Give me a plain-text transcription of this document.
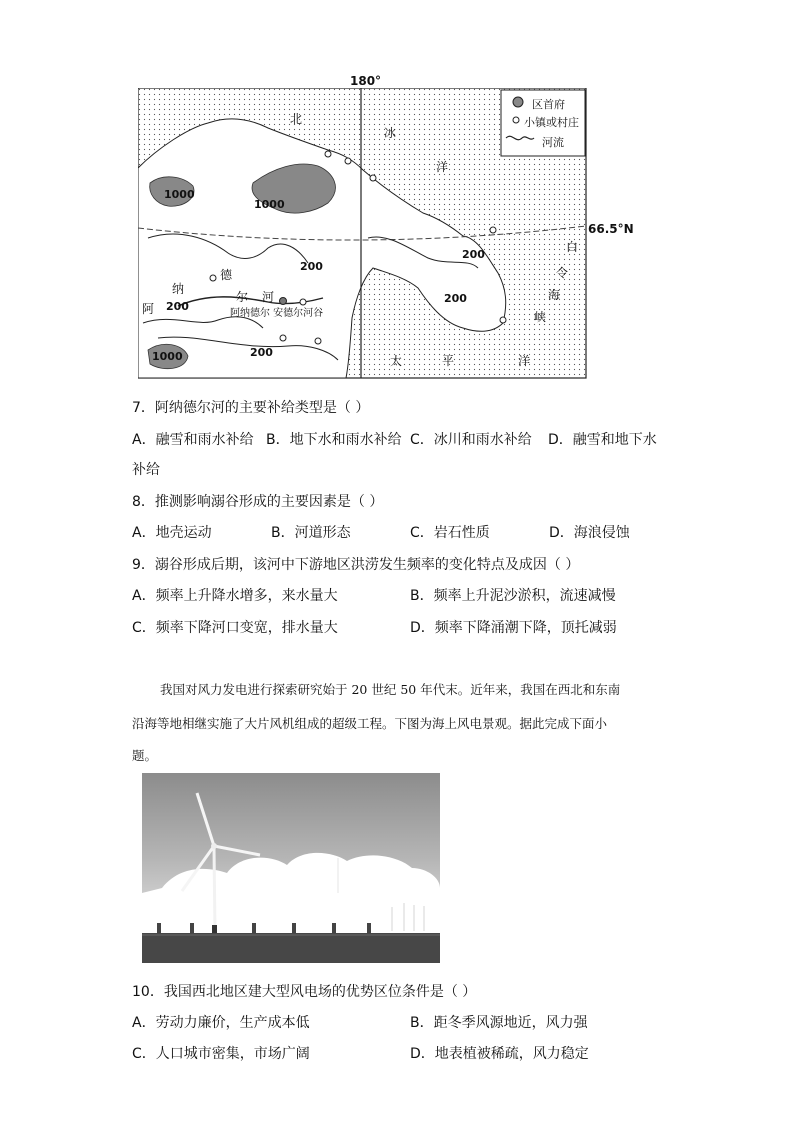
180°
区首府
小镇或村庄
河流
66.5°N
北
冰
洋
白
令
海
峡
太	平	洋
1000
1000
1000
200
200
200
200
200
阿
纳
德
尔 河
阿纳德尔 安德尔河谷
7．阿纳德尔河的主要补给类型是（ ）
A．融雪和雨水补给 B．地下水和雨水补给 C．冰川和雨水补给 D．融雪和地下水
补给
8．推测影响溺谷形成的主要因素是（ ）
A．地壳运动	B．河道形态	C．岩石性质	D．海浪侵蚀
9．溺谷形成后期，该河中下游地区洪涝发生频率的变化特点及成因（ ）
A．频率上升降水增多，来水量大	B．频率上升泥沙淤积，流速减慢
C．频率下降河口变宽，排水量大	D．频率下降涌潮下降，顶托减弱
我国对风力发电进行探索研究始于 20 世纪 50 年代末。近年来，我国在西北和东南
沿海等地相继实施了大片风机组成的超级工程。下图为海上风电景观。据此完成下面小
题。
10．我国西北地区建大型风电场的优势区位条件是（ ）
A．劳动力廉价，生产成本低	B．距冬季风源地近，风力强
C．人口城市密集，市场广阔	D．地表植被稀疏，风力稳定
